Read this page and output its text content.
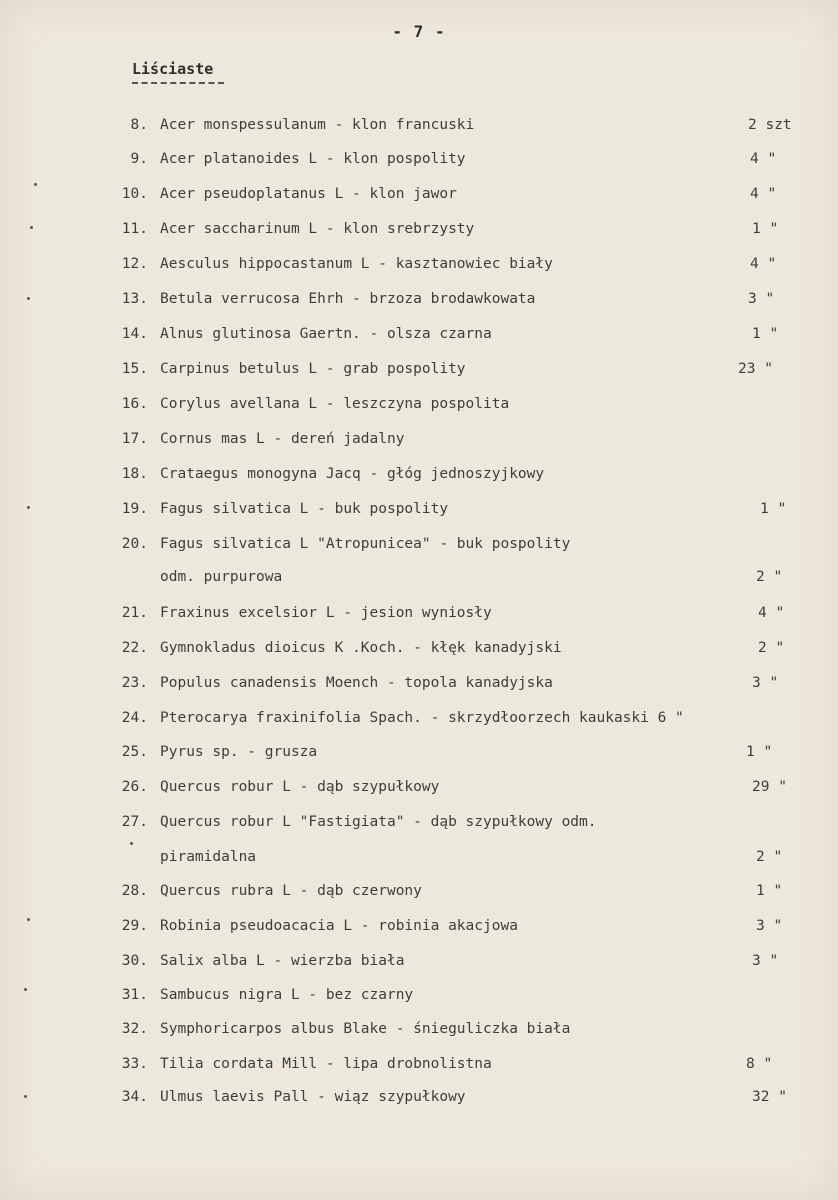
- 7 -
Liściaste
8. Acer monspessulanum - klon francuski	2 szt
9. Acer platanoides L - klon pospolity	4 "
10. Acer pseudoplatanus L - klon jawor	4 "
11. Acer saccharinum L - klon srebrzysty	1 "
12. Aesculus hippocastanum L - kasztanowiec biały	4 "
13. Betula verrucosa Ehrh - brzoza brodawkowata	3 "
14. Alnus glutinosa Gaertn. - olsza czarna	1 "
15. Carpinus betulus L - grab pospolity	23 "
16. Corylus avellana L - leszczyna pospolita
17. Cornus mas L - dereń jadalny
18. Crataegus monogyna Jacq - głóg jednoszyjkowy
19. Fagus silvatica L - buk pospolity	1 "
20. Fagus silvatica L "Atropunicea" - buk pospolity
odm. purpurowa	2 "
21. Fraxinus excelsior L - jesion wyniosły	4 "
22. Gymnokladus dioicus K .Koch. - kłęk kanadyjski	2 "
23. Populus canadensis Moench - topola kanadyjska	3 "
24. Pterocarya fraxinifolia Spach. - skrzydłoorzech kaukaski 6 "
25. Pyrus sp. - grusza	1 "
26. Quercus robur L - dąb szypułkowy	29 "
27. Quercus robur L "Fastigiata" - dąb szypułkowy odm.
piramidalna	2 "
28. Quercus rubra L - dąb czerwony	1 "
29. Robinia pseudoacacia L - robinia akacjowa	3 "
30. Salix alba L - wierzba biała	3 "
31. Sambucus nigra L - bez czarny
32. Symphoricarpos albus Blake - śnieguliczka biała
33. Tilia cordata Mill - lipa drobnolistna	8 "
34. Ulmus laevis Pall - wiąz szypułkowy	32 "
